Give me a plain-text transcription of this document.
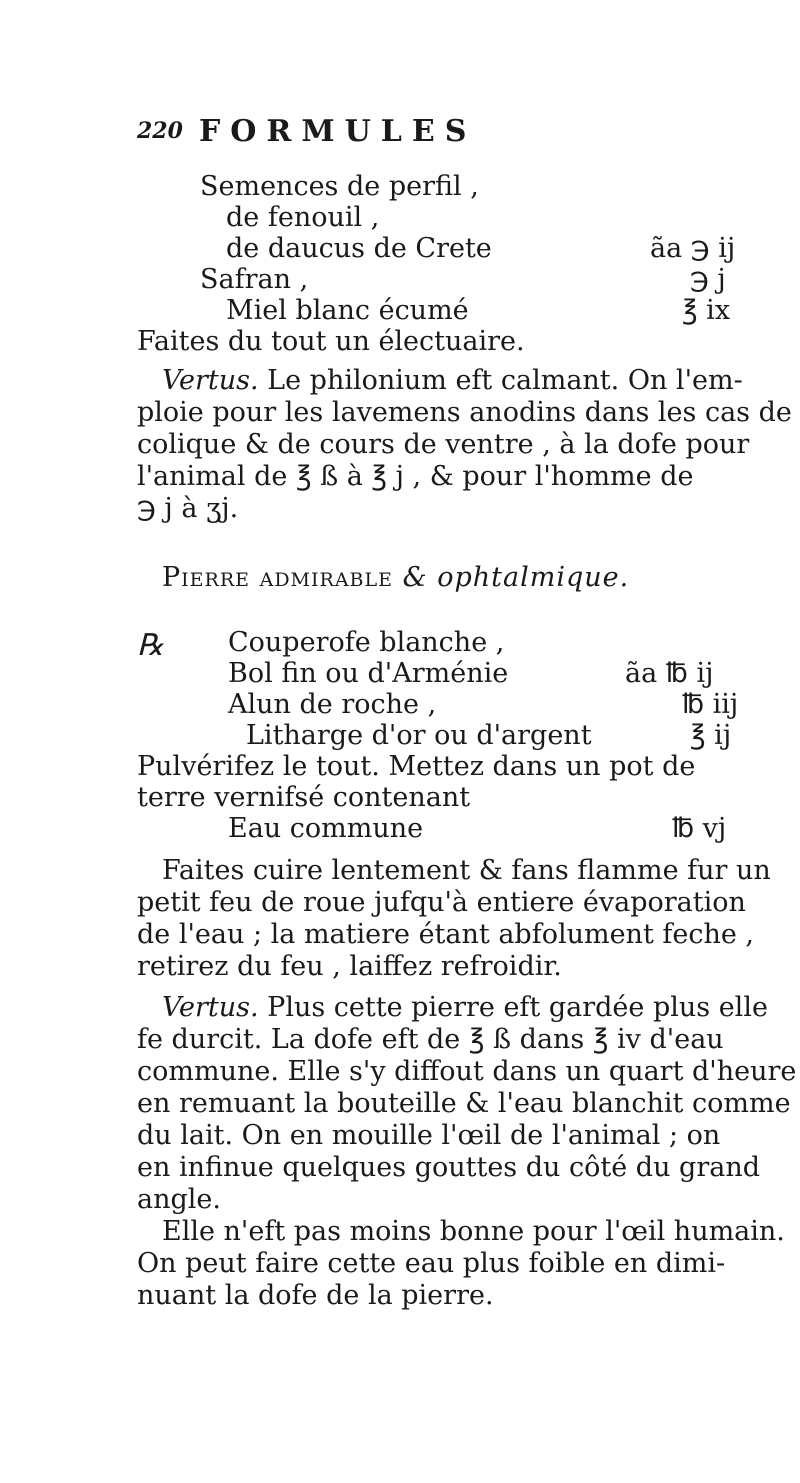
220 FORMULES
Semences de perfil ,
de fenouil ,
de daucus de Crete
Safran ,
Miel blanc écumé
Faites du tout un électuaire.
ãa ℈ ij
℈ j
℥ ix
Vertus. Le philonium eft calmant. On l'em-
ploie pour les lavemens anodins dans les cas de
colique & de cours de ventre , à la dofe pour
l'animal de ℥ ß à ℥ j , & pour l'homme de
℈ j à ʒj.
Pierre admirable & ophtalmique.
℞ Couperofe blanche ,
Bol fin ou d'Arménie
Alun de roche ,
Litharge d'or ou d'argent
ãa ℔ ij
℔ iij
℥ ij
Pulvérifez le tout. Mettez dans un pot de
terre vernifsé contenant
Eau commune	℔ vj
Faites cuire lentement & fans flamme fur un
petit feu de roue jufqu'à entiere évaporation
de l'eau ; la matiere étant abfolument feche ,
retirez du feu , laiffez refroidir.
Vertus. Plus cette pierre eft gardée plus elle
fe durcit. La dofe eft de ℥ ß dans ℥ iv d'eau
commune. Elle s'y diffout dans un quart d'heure
en remuant la bouteille & l'eau blanchit comme
du lait. On en mouille l'œil de l'animal ; on
en infinue quelques gouttes du côté du grand
angle.
Elle n'eft pas moins bonne pour l'œil humain.
On peut faire cette eau plus foible en dimi-
nuant la dofe de la pierre.
